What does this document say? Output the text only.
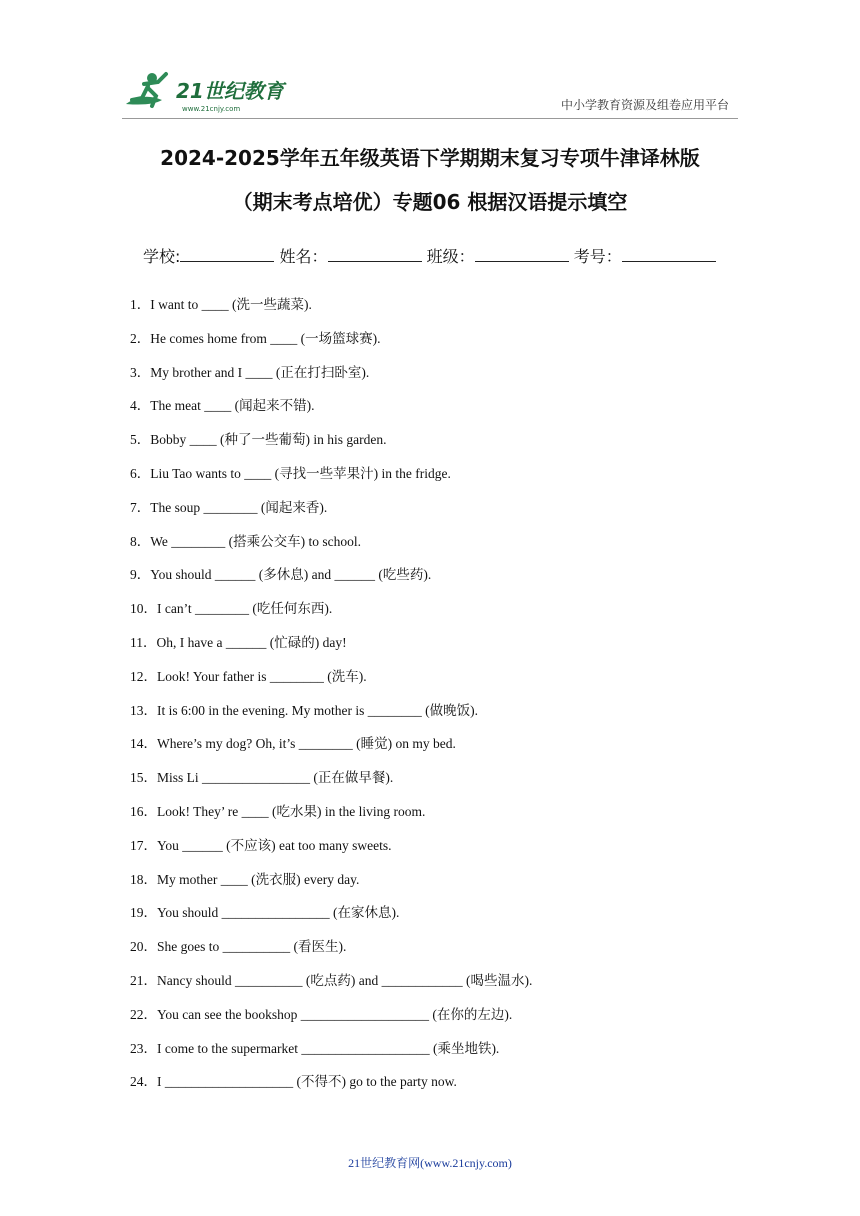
21世纪教育
www.21cnjy.com	中小学教育资源及组卷应用平台
2024-2025学年五年级英语下学期期末复习专项牛津译林版
（期末考点培优）专题06 根据汉语提示填空
学校:	姓名：	班级：	考号：
1．I want to ____ (洗一些蔬菜).
2．He comes home from ____ (一场篮球赛).
3．My brother and I ____ (正在打扫卧室).
4．The meat ____ (闻起来不错).
5．Bobby ____ (种了一些葡萄) in his garden.
6．Liu Tao wants to ____ (寻找一些苹果汁) in the fridge.
7．The soup ________ (闻起来香).
8．We ________ (搭乘公交车) to school.
9．You should ______ (多休息) and ______ (吃些药).
10．I can’t ________ (吃任何东西).
11．Oh, I have a ______ (忙碌的) day!
12．Look! Your father is ________ (洗车).
13．It is 6:00 in the evening. My mother is ________ (做晚饭).
14．Where’s my dog? Oh, it’s ________ (睡觉) on my bed.
15．Miss Li ________________ (正在做早餐).
16．Look! They’ re ____ (吃水果) in the living room.
17．You ______ (不应该) eat too many sweets.
18．My mother ____ (洗衣服) every day.
19．You should ________________ (在家休息).
20．She goes to __________ (看医生).
21．Nancy should __________ (吃点药) and ____________ (喝些温水).
22．You can see the bookshop ___________________ (在你的左边).
23．I come to the supermarket ___________________ (乘坐地铁).
24．I ___________________ (不得不) go to the party now.
21世纪教育网(www.21cnjy.com)
